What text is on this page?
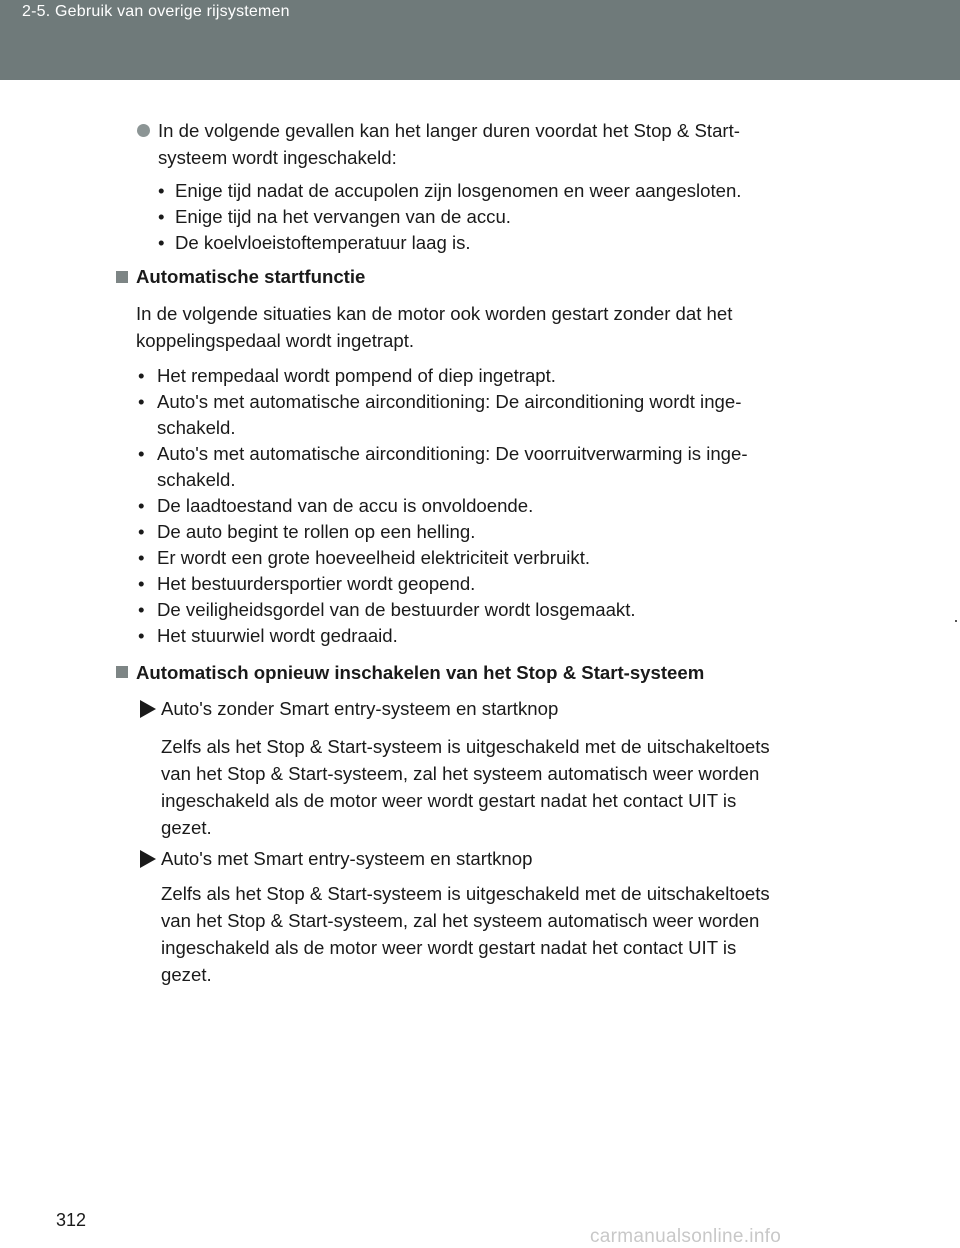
2-5. Gebruik van overige rijsystemen
In de volgende gevallen kan het langer duren voordat het Stop & Start-
systeem wordt ingeschakeld:
• Enige tijd nadat de accupolen zijn losgenomen en weer aangesloten.
• Enige tijd na het vervangen van de accu.
• De koelvloeistoftemperatuur laag is.
Automatische startfunctie
In de volgende situaties kan de motor ook worden gestart zonder dat het
koppelingspedaal wordt ingetrapt.
• Het rempedaal wordt pompend of diep ingetrapt.
• Auto's met automatische airconditioning: De airconditioning wordt inge-
schakeld.
• Auto's met automatische airconditioning: De voorruitverwarming is inge-
schakeld.
• De laadtoestand van de accu is onvoldoende.
• De auto begint te rollen op een helling.
• Er wordt een grote hoeveelheid elektriciteit verbruikt.
• Het bestuurdersportier wordt geopend.
• De veiligheidsgordel van de bestuurder wordt losgemaakt.
• Het stuurwiel wordt gedraaid.
Automatisch opnieuw inschakelen van het Stop & Start-systeem
Auto's zonder Smart entry-systeem en startknop
Zelfs als het Stop & Start-systeem is uitgeschakeld met de uitschakeltoets
van het Stop & Start-systeem, zal het systeem automatisch weer worden
ingeschakeld als de motor weer wordt gestart nadat het contact UIT is
gezet.
Auto's met Smart entry-systeem en startknop
Zelfs als het Stop & Start-systeem is uitgeschakeld met de uitschakeltoets
van het Stop & Start-systeem, zal het systeem automatisch weer worden
ingeschakeld als de motor weer wordt gestart nadat het contact UIT is
gezet.
312
carmanualsonline.info
